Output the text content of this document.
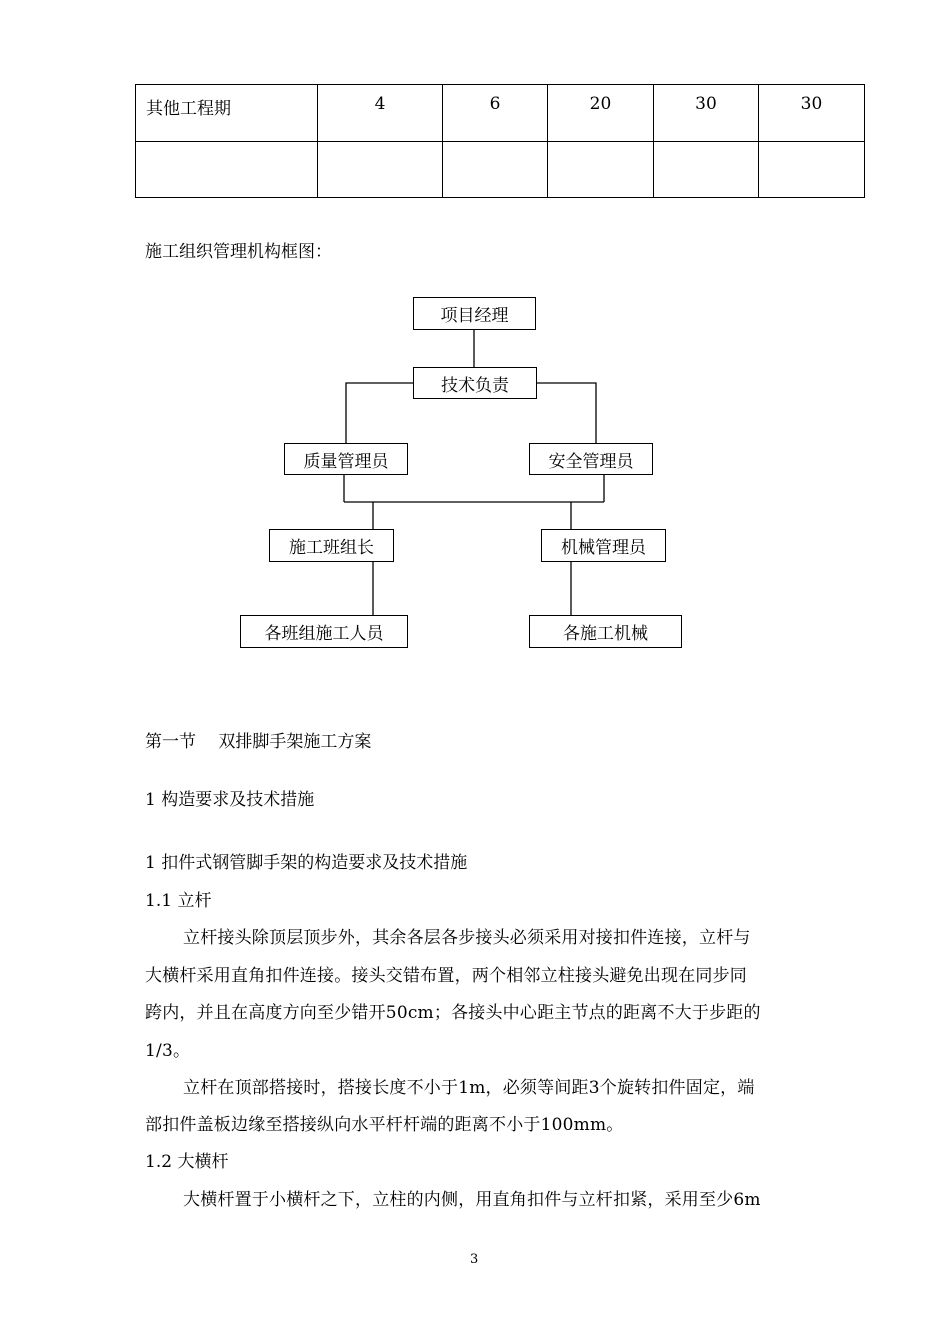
其他工程期	4	6	20	30	30

施工组织管理机构框图：
项目经理
技术负责
质量管理员	安全管理员
施工班组长	机械管理员
各班组施工人员	各施工机械
第一节　 双排脚手架施工方案
1 构造要求及技术措施
1 扣件式钢管脚手架的构造要求及技术措施
1.1 立杆
立杆接头除顶层顶步外，其余各层各步接头必须采用对接扣件连接，立杆与
大横杆采用直角扣件连接。接头交错布置，两个相邻立柱接头避免出现在同步同
跨内，并且在高度方向至少错开50cm；各接头中心距主节点的距离不大于步距的
1/3。
立杆在顶部搭接时，搭接长度不小于1m，必须等间距3个旋转扣件固定，端
部扣件盖板边缘至搭接纵向水平杆杆端的距离不小于100mm。
1.2 大横杆
大横杆置于小横杆之下，立柱的内侧，用直角扣件与立杆扣紧，采用至少6m
3
